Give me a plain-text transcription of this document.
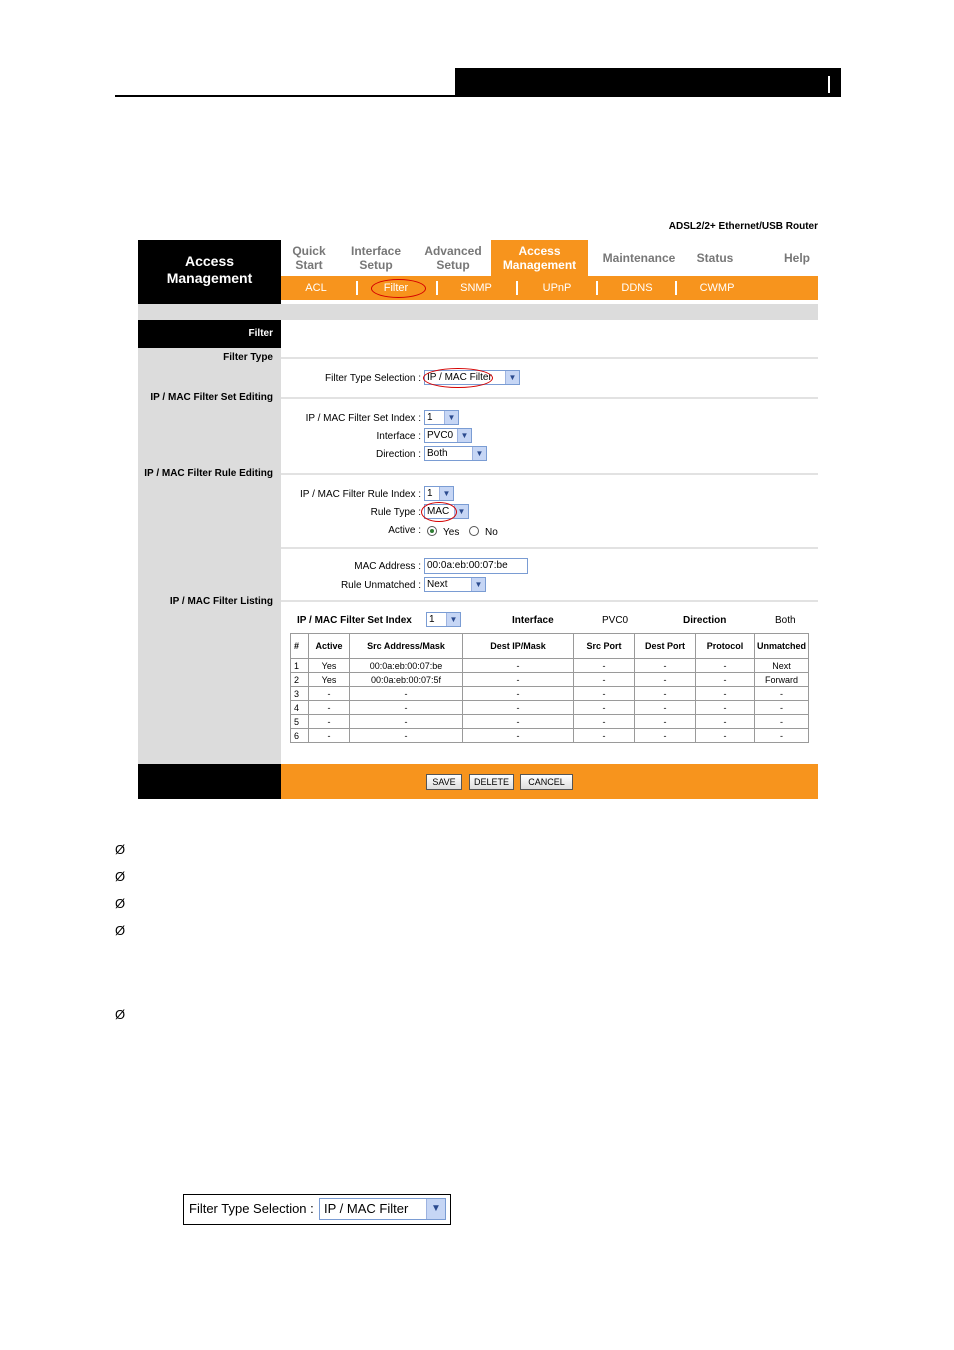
ADSL2/2+ Ethernet/USB Router
Access
Management
Quick
Start
Interface
Setup
Advanced
Setup
Access
Management Maintenance Status	Help
ACL	Filter	SNMP	UPnP	DDNS	CWMP
Filter
Filter Type
IP / MAC Filter Set Editing
IP / MAC Filter Rule Editing
IP / MAC Filter Listing
Filter Type Selection : IP / MAC Filter	▼
IP / MAC Filter Set Index : 1	▼
Interface : PVC0 ▼
Direction : Both	▼
IP / MAC Filter Rule Index : 1	▼
Rule Type : MAC	▼
Active : Yes	No
MAC Address : 00:0a:eb:00:07:be
Rule Unmatched : Next	▼
IP / MAC Filter Set Index	1	▼	Interface	PVC0	Direction	Both
#	Active	Src Address/Mask	Dest IP/Mask	Src Port	Dest Port	Protocol	Unmatched
1	Yes	00:0a:eb:00:07:be	-	-	-	-	Next
2	Yes	00:0a:eb:00:07:5f	-	-	-	-	Forward
3	-	-	-	-	-	-	-
4	-	-	-	-	-	-	-
5	-	-	-	-	-	-	-
6	-	-	-	-	-	-	-
SAVE	DELETE	CANCEL
Ø
Ø
Ø
Ø
Ø
Filter Type Selection : IP / MAC Filter	▼
